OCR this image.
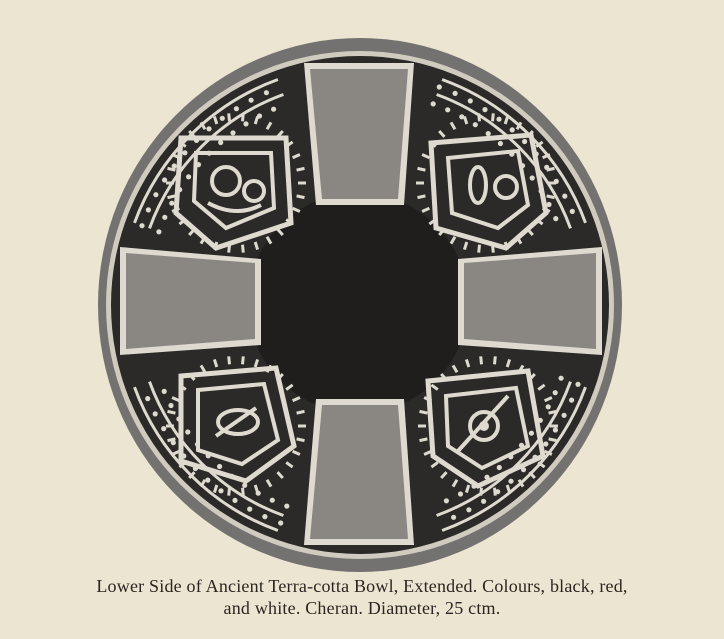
Lower Side of Ancient Terra-cotta Bowl, Extended. Colours, black, red,
and white. Cheran. Diameter, 25 ctm.
